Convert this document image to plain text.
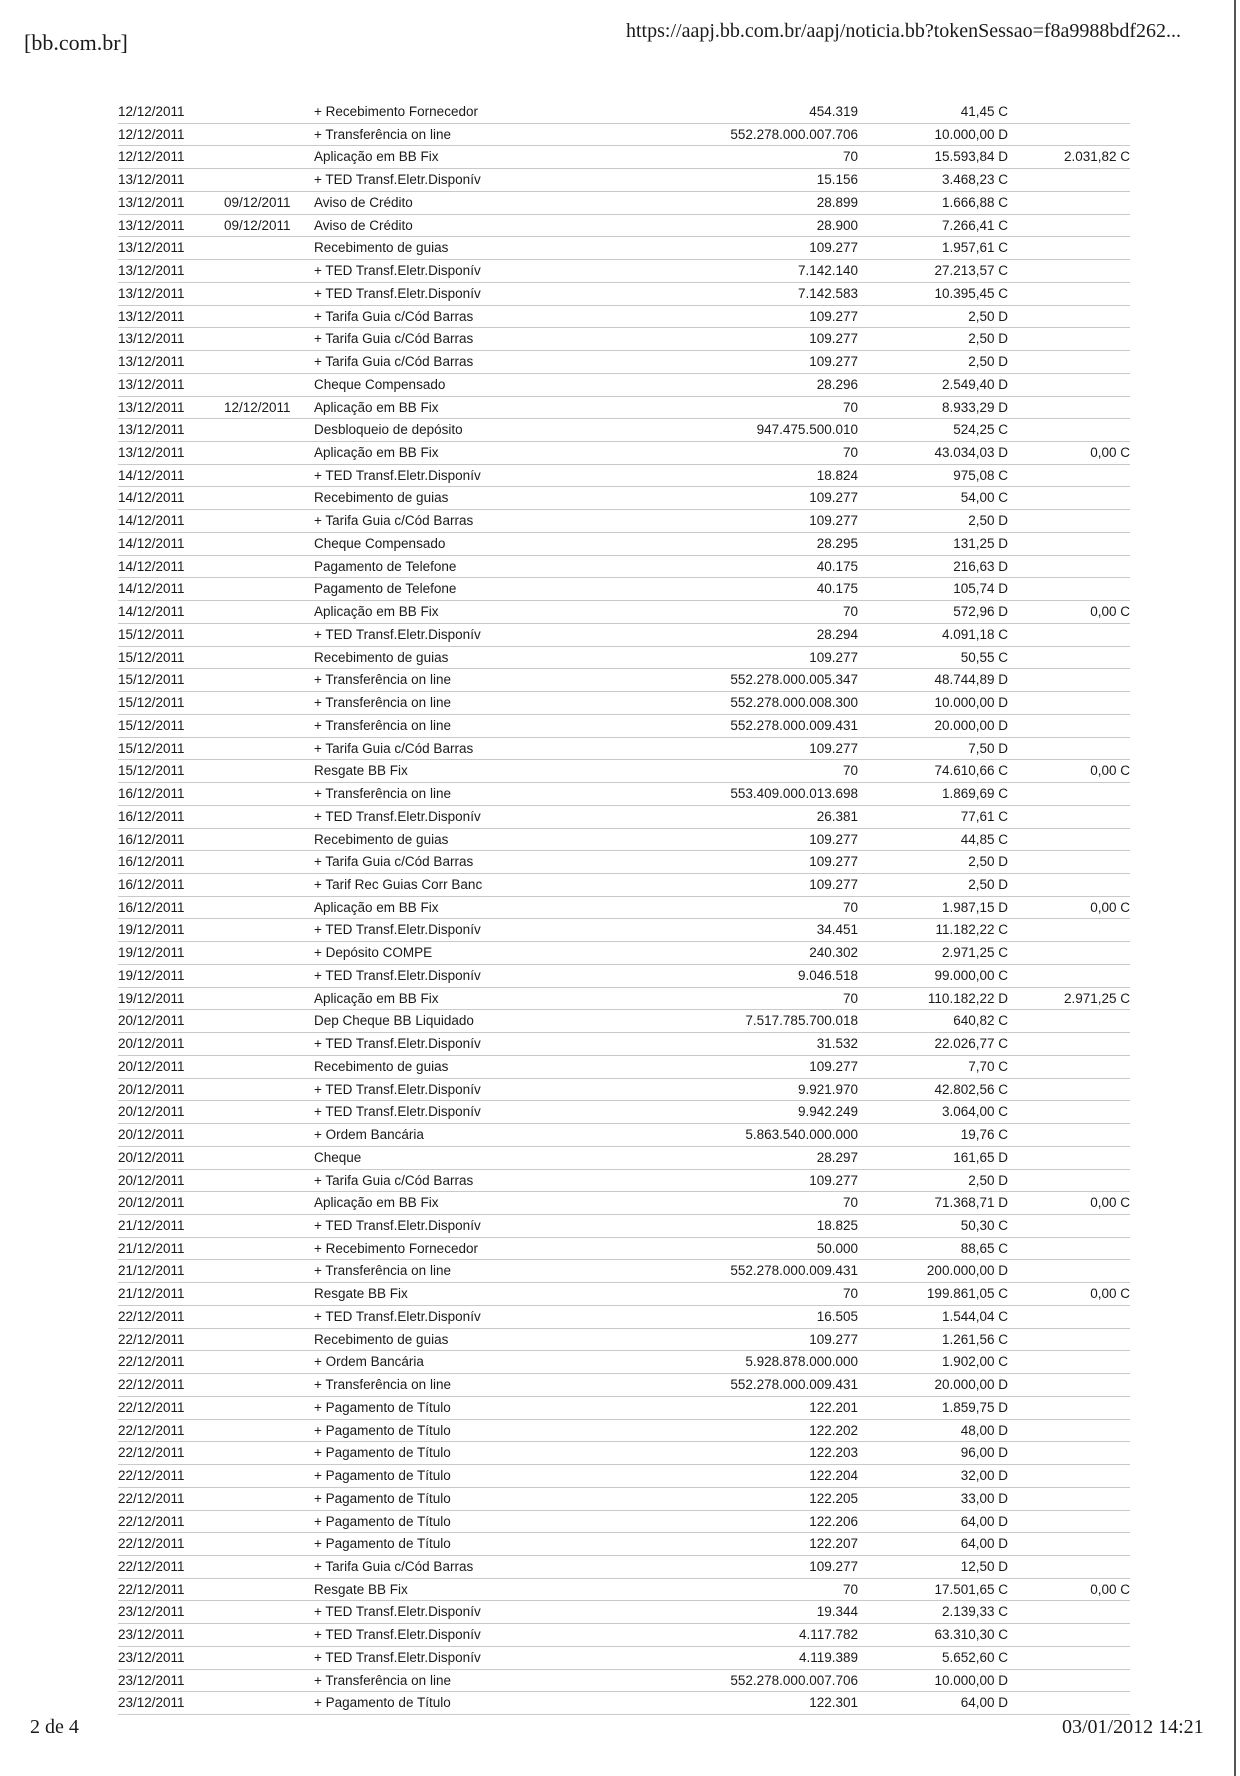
[bb.com.br]	https://aapj.bb.com.br/aapj/noticia.bb?tokenSessao=f8a9988bdf262...
12/12/2011	+ Recebimento Fornecedor	454.319	41,45 C
12/12/2011	+ Transferência on line	552.278.000.007.706	10.000,00 D
12/12/2011	Aplicação em BB Fix	70	15.593,84 D	2.031,82 C
13/12/2011	+ TED Transf.Eletr.Disponív	15.156	3.468,23 C
13/12/2011	09/12/2011 Aviso de Crédito	28.899	1.666,88 C
13/12/2011	09/12/2011 Aviso de Crédito	28.900	7.266,41 C
13/12/2011	Recebimento de guias	109.277	1.957,61 C
13/12/2011	+ TED Transf.Eletr.Disponív	7.142.140	27.213,57 C
13/12/2011	+ TED Transf.Eletr.Disponív	7.142.583	10.395,45 C
13/12/2011	+ Tarifa Guia c/Cód Barras	109.277	2,50 D
13/12/2011	+ Tarifa Guia c/Cód Barras	109.277	2,50 D
13/12/2011	+ Tarifa Guia c/Cód Barras	109.277	2,50 D
13/12/2011	Cheque Compensado	28.296	2.549,40 D
13/12/2011	12/12/2011 Aplicação em BB Fix	70	8.933,29 D
13/12/2011	Desbloqueio de depósito	947.475.500.010	524,25 C
13/12/2011	Aplicação em BB Fix	70	43.034,03 D	0,00 C
14/12/2011	+ TED Transf.Eletr.Disponív	18.824	975,08 C
14/12/2011	Recebimento de guias	109.277	54,00 C
14/12/2011	+ Tarifa Guia c/Cód Barras	109.277	2,50 D
14/12/2011	Cheque Compensado	28.295	131,25 D
14/12/2011	Pagamento de Telefone	40.175	216,63 D
14/12/2011	Pagamento de Telefone	40.175	105,74 D
14/12/2011	Aplicação em BB Fix	70	572,96 D	0,00 C
15/12/2011	+ TED Transf.Eletr.Disponív	28.294	4.091,18 C
15/12/2011	Recebimento de guias	109.277	50,55 C
15/12/2011	+ Transferência on line	552.278.000.005.347	48.744,89 D
15/12/2011	+ Transferência on line	552.278.000.008.300	10.000,00 D
15/12/2011	+ Transferência on line	552.278.000.009.431	20.000,00 D
15/12/2011	+ Tarifa Guia c/Cód Barras	109.277	7,50 D
15/12/2011	Resgate BB Fix	70	74.610,66 C	0,00 C
16/12/2011	+ Transferência on line	553.409.000.013.698	1.869,69 C
16/12/2011	+ TED Transf.Eletr.Disponív	26.381	77,61 C
16/12/2011	Recebimento de guias	109.277	44,85 C
16/12/2011	+ Tarifa Guia c/Cód Barras	109.277	2,50 D
16/12/2011	+ Tarif Rec Guias Corr Banc	109.277	2,50 D
16/12/2011	Aplicação em BB Fix	70	1.987,15 D	0,00 C
19/12/2011	+ TED Transf.Eletr.Disponív	34.451	11.182,22 C
19/12/2011	+ Depósito COMPE	240.302	2.971,25 C
19/12/2011	+ TED Transf.Eletr.Disponív	9.046.518	99.000,00 C
19/12/2011	Aplicação em BB Fix	70	110.182,22 D	2.971,25 C
20/12/2011	Dep Cheque BB Liquidado	7.517.785.700.018	640,82 C
20/12/2011	+ TED Transf.Eletr.Disponív	31.532	22.026,77 C
20/12/2011	Recebimento de guias	109.277	7,70 C
20/12/2011	+ TED Transf.Eletr.Disponív	9.921.970	42.802,56 C
20/12/2011	+ TED Transf.Eletr.Disponív	9.942.249	3.064,00 C
20/12/2011	+ Ordem Bancária	5.863.540.000.000	19,76 C
20/12/2011	Cheque	28.297	161,65 D
20/12/2011	+ Tarifa Guia c/Cód Barras	109.277	2,50 D
20/12/2011	Aplicação em BB Fix	70	71.368,71 D	0,00 C
21/12/2011	+ TED Transf.Eletr.Disponív	18.825	50,30 C
21/12/2011	+ Recebimento Fornecedor	50.000	88,65 C
21/12/2011	+ Transferência on line	552.278.000.009.431	200.000,00 D
21/12/2011	Resgate BB Fix	70	199.861,05 C	0,00 C
22/12/2011	+ TED Transf.Eletr.Disponív	16.505	1.544,04 C
22/12/2011	Recebimento de guias	109.277	1.261,56 C
22/12/2011	+ Ordem Bancária	5.928.878.000.000	1.902,00 C
22/12/2011	+ Transferência on line	552.278.000.009.431	20.000,00 D
22/12/2011	+ Pagamento de Título	122.201	1.859,75 D
22/12/2011	+ Pagamento de Título	122.202	48,00 D
22/12/2011	+ Pagamento de Título	122.203	96,00 D
22/12/2011	+ Pagamento de Título	122.204	32,00 D
22/12/2011	+ Pagamento de Título	122.205	33,00 D
22/12/2011	+ Pagamento de Título	122.206	64,00 D
22/12/2011	+ Pagamento de Título	122.207	64,00 D
22/12/2011	+ Tarifa Guia c/Cód Barras	109.277	12,50 D
22/12/2011	Resgate BB Fix	70	17.501,65 C	0,00 C
23/12/2011	+ TED Transf.Eletr.Disponív	19.344	2.139,33 C
23/12/2011	+ TED Transf.Eletr.Disponív	4.117.782	63.310,30 C
23/12/2011	+ TED Transf.Eletr.Disponív	4.119.389	5.652,60 C
23/12/2011	+ Transferência on line	552.278.000.007.706	10.000,00 D
23/12/2011	+ Pagamento de Título	122.301	64,00 D
2 de 4	03/01/2012 14:21
